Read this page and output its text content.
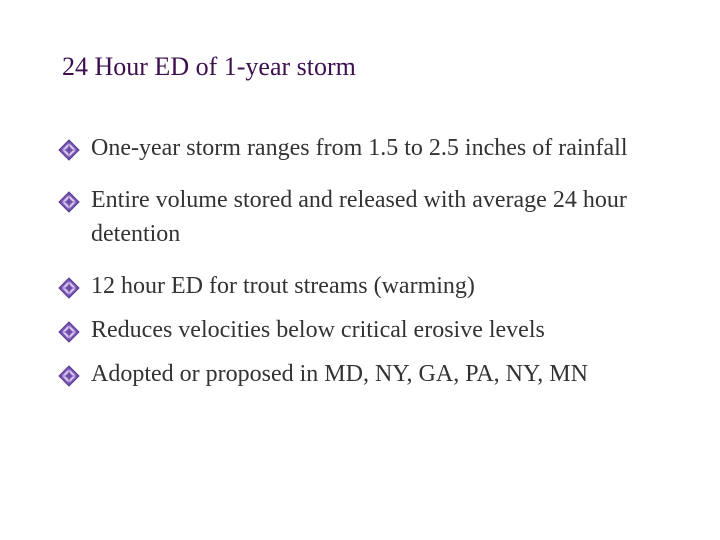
24 Hour ED of 1-year storm
One-year storm ranges from 1.5 to 2.5 inches of rainfall
Entire volume stored and released with average 24 hour detention
12 hour ED for trout streams (warming)
Reduces velocities below critical erosive levels
Adopted or proposed in MD, NY, GA, PA, NY, MN
